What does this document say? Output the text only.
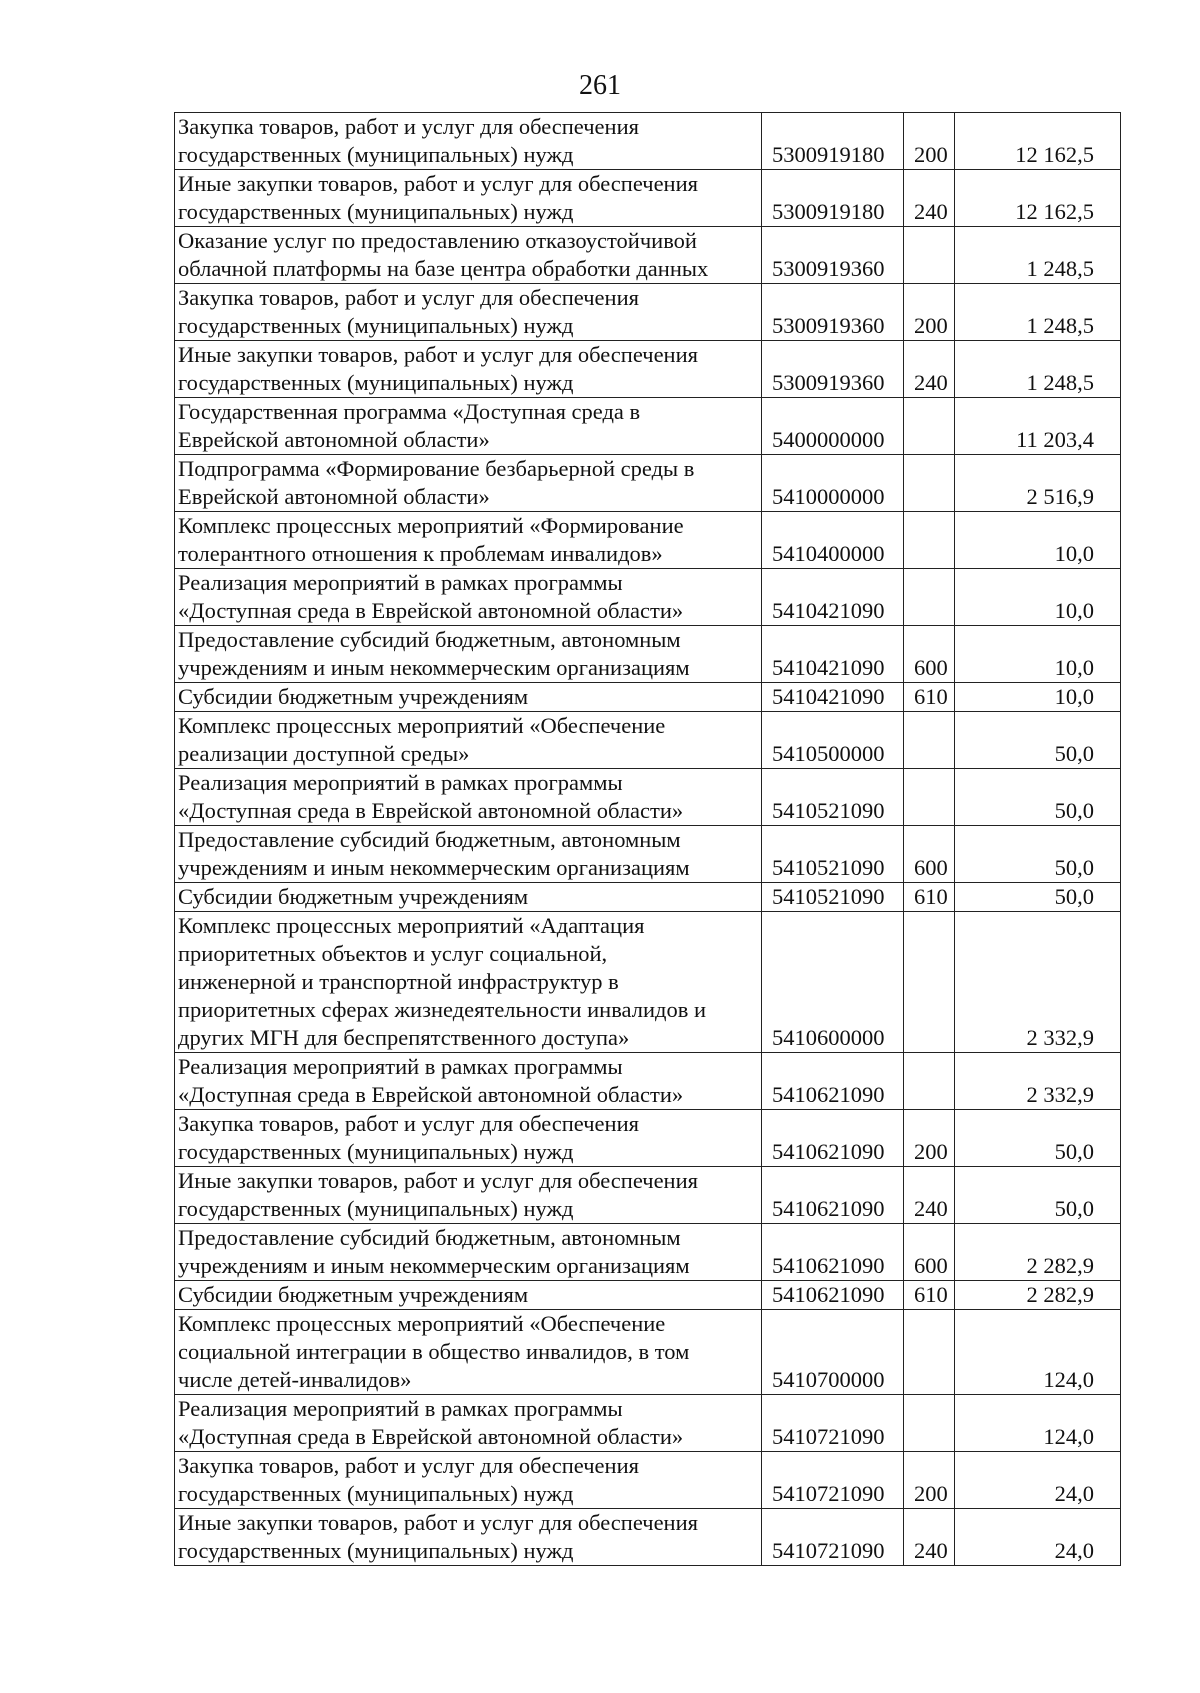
261
Закупка товаров, работ и услуг для обеспечения
государственных (муниципальных) нужд	5300919180	200	12 162,5

Иные закупки товаров, работ и услуг для обеспечения
государственных (муниципальных) нужд	5300919180	240	12 162,5

Оказание услуг по предоставлению отказоустойчивой
облачной платформы на базе центра обработки данных	5300919360		1 248,5

Закупка товаров, работ и услуг для обеспечения
государственных (муниципальных) нужд	5300919360	200	1 248,5

Иные закупки товаров, работ и услуг для обеспечения
государственных (муниципальных) нужд	5300919360	240	1 248,5

Государственная программа «Доступная среда в
Еврейской автономной области»	5400000000		11 203,4

Подпрограмма «Формирование безбарьерной среды в
Еврейской автономной области»	5410000000		2 516,9

Комплекс процессных мероприятий «Формирование
толерантного отношения к проблемам инвалидов»	5410400000		10,0

Реализация мероприятий в рамках программы
«Доступная среда в Еврейской автономной области»	5410421090		10,0

Предоставление субсидий бюджетным, автономным
учреждениям и иным некоммерческим организациям	5410421090	600	10,0

Субсидии бюджетным учреждениям	5410421090	610	10,0

Комплекс процессных мероприятий «Обеспечение
реализации доступной среды»	5410500000		50,0

Реализация мероприятий в рамках программы
«Доступная среда в Еврейской автономной области»	5410521090		50,0

Предоставление субсидий бюджетным, автономным
учреждениям и иным некоммерческим организациям	5410521090	600	50,0

Субсидии бюджетным учреждениям	5410521090	610	50,0

Комплекс процессных мероприятий «Адаптация
приоритетных объектов и услуг социальной,
инженерной и транспортной инфраструктур в
приоритетных сферах жизнедеятельности инвалидов и
других МГН для беспрепятственного доступа»	5410600000		2 332,9

Реализация мероприятий в рамках программы
«Доступная среда в Еврейской автономной области»	5410621090		2 332,9

Закупка товаров, работ и услуг для обеспечения
государственных (муниципальных) нужд	5410621090	200	50,0

Иные закупки товаров, работ и услуг для обеспечения
государственных (муниципальных) нужд	5410621090	240	50,0

Предоставление субсидий бюджетным, автономным
учреждениям и иным некоммерческим организациям	5410621090	600	2 282,9

Субсидии бюджетным учреждениям	5410621090	610	2 282,9

Комплекс процессных мероприятий «Обеспечение
социальной интеграции в общество инвалидов, в том
числе детей-инвалидов»	5410700000		124,0

Реализация мероприятий в рамках программы
«Доступная среда в Еврейской автономной области»	5410721090		124,0

Закупка товаров, работ и услуг для обеспечения
государственных (муниципальных) нужд	5410721090	200	24,0

Иные закупки товаров, работ и услуг для обеспечения
государственных (муниципальных) нужд	5410721090	240	24,0
